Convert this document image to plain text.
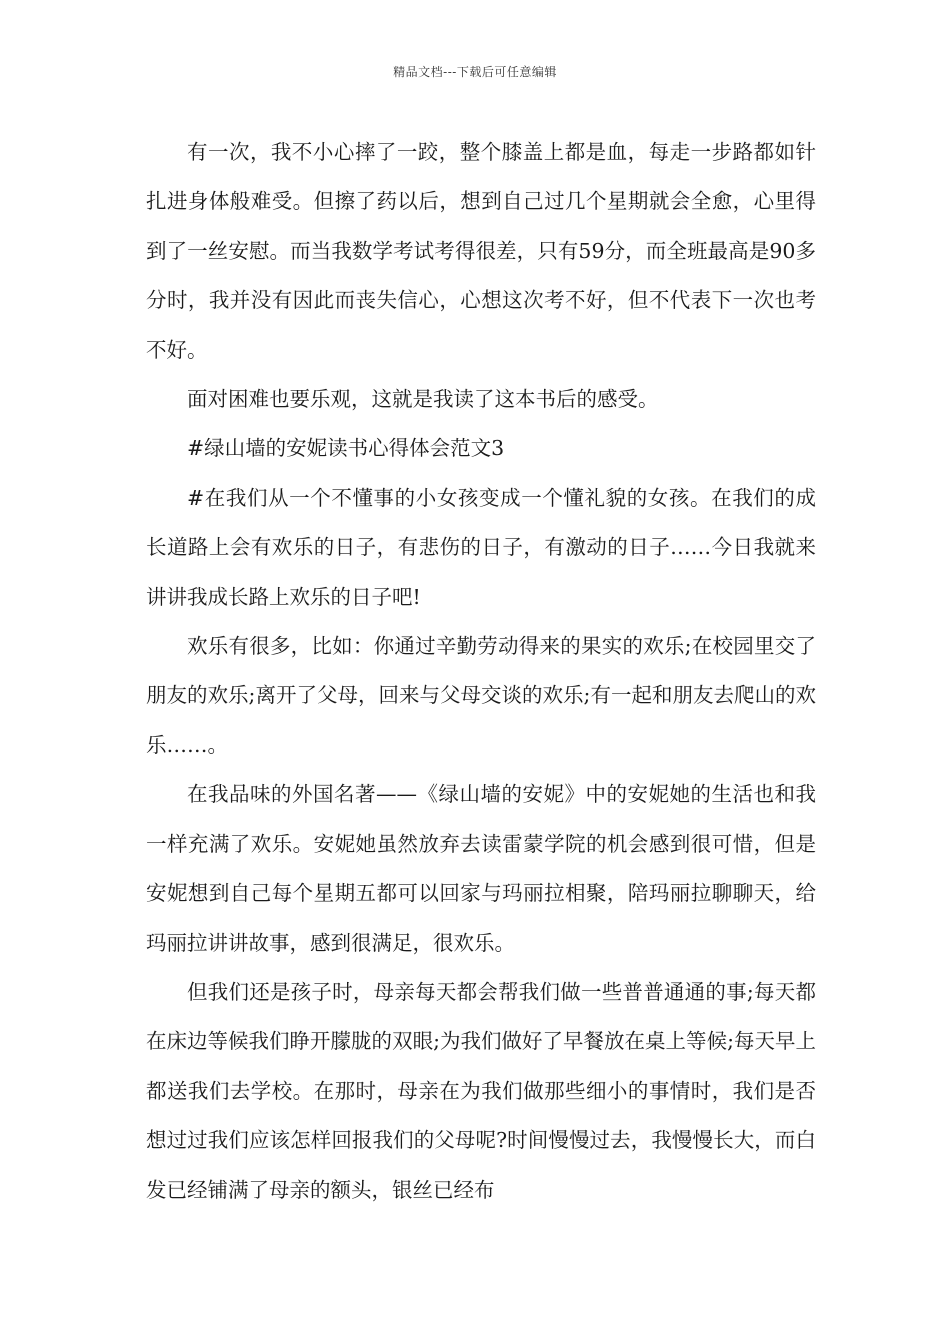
精品文档---下载后可任意编辑

有一次，我不小心摔了一跤，整个膝盖上都是血，每走一步路都如针扎进身体般难受。但擦了药以后，想到自己过几个星期就会全愈，心里得到了一丝安慰。而当我数学考试考得很差，只有59分，而全班最高是90多分时，我并没有因此而丧失信心，心想这次考不好，但不代表下一次也考不好。

面对困难也要乐观，这就是我读了这本书后的感受。

#绿山墙的安妮读书心得体会范文3

#在我们从一个不懂事的小女孩变成一个懂礼貌的女孩。在我们的成长道路上会有欢乐的日子，有悲伤的日子，有激动的日子……今日我就来讲讲我成长路上欢乐的日子吧!

欢乐有很多，比如：你通过辛勤劳动得来的果实的欢乐;在校园里交了朋友的欢乐;离开了父母，回来与父母交谈的欢乐;有一起和朋友去爬山的欢乐……。

在我品味的外国名著——《绿山墙的安妮》中的安妮她的生活也和我一样充满了欢乐。安妮她虽然放弃去读雷蒙学院的机会感到很可惜，但是安妮想到自己每个星期五都可以回家与玛丽拉相聚，陪玛丽拉聊聊天，给玛丽拉讲讲故事，感到很满足，很欢乐。

但我们还是孩子时，母亲每天都会帮我们做一些普普通通的事;每天都在床边等候我们睁开朦胧的双眼;为我们做好了早餐放在桌上等候;每天早上都送我们去学校。在那时，母亲在为我们做那些细小的事情时，我们是否想过过我们应该怎样回报我们的父母呢?时间慢慢过去，我慢慢长大，而白发已经铺满了母亲的额头，银丝已经布
